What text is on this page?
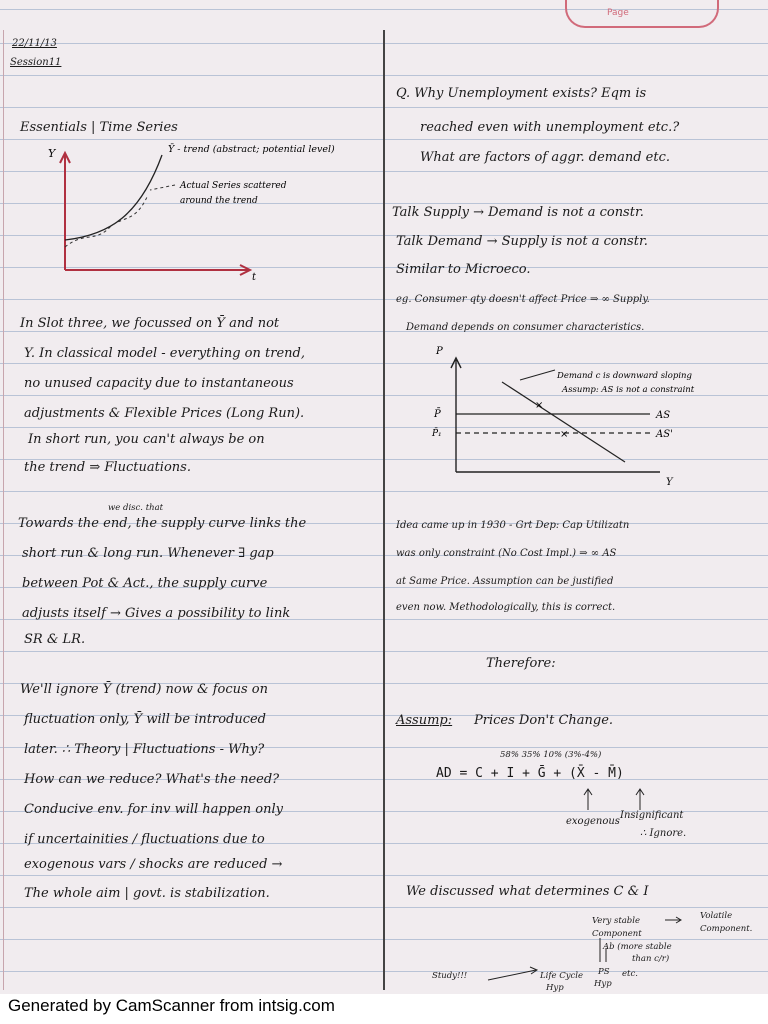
Page
22/11/13
Session11
Essentials | Time Series
Y
t
Ȳ - trend (abstract; potential level)
Actual Series scattered
around the trend
In Slot three, we focussed on Ȳ and not
Y. In classical model - everything on trend,
no unused capacity due to instantaneous
adjustments & Flexible Prices (Long Run).
In short run, you can't always be on
the trend ⇒ Fluctuations.
we disc. that
Towards the end, the supply curve links the
short run & long run. Whenever ∃ gap
between Pot & Act., the supply curve
adjusts itself → Gives a possibility to link
SR & LR.
We'll ignore Ȳ (trend) now & focus on
fluctuation only, Ȳ will be introduced
later. ∴ Theory | Fluctuations - Why?
How can we reduce? What's the need?
Conducive env. for inv will happen only
if uncertainities / fluctuations due to
exogenous vars / shocks are reduced →
The whole aim | govt. is stabilization.
Q. Why Unemployment exists? Eqm is
reached even with unemployment etc.?
What are factors of aggr. demand etc.
Talk Supply → Demand is not a constr.
Talk Demand → Supply is not a constr.
Similar to Microeco.
eg. Consumer qty doesn't affect Price ⇒ ∞ Supply.
Demand depends on consumer characteristics.
×
×
P
Y
P̄
P̄₁
AS
AS'
Demand c is downward sloping
Assump: AS is not a constraint
Idea came up in 1930 - Grt Dep: Cap Utilizatn
was only constraint (No Cost Impl.) ⇒ ∞ AS
at Same Price. Assumption can be justified
even now. Methodologically, this is correct.
Therefore:
Assump: Prices Don't Change.
58% 35% 10% (3%-4%)
AD = C + I + Ḡ + (X̄ - M̄)
exogenous
Insignificant
∴ Ignore.
We discussed what determines C & I
Very stable
Component
Volatile
Component.
Ab (more stable
than c/r)
Study!!!	Life Cycle
Hyp
PS
Hyp
etc.
Generated by CamScanner from intsig.com
